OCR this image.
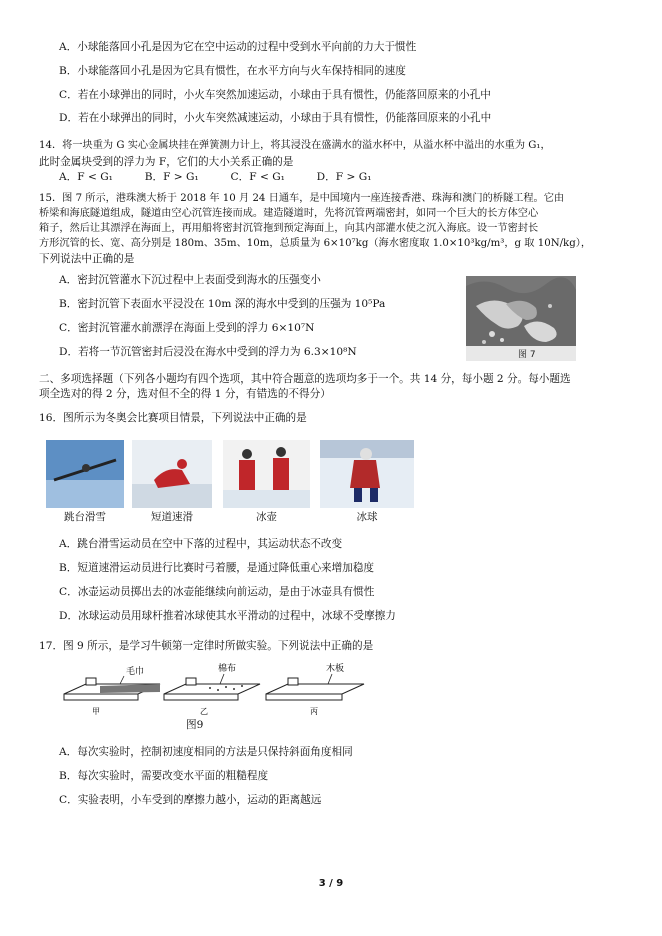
A．小球能落回小孔是因为它在空中运动的过程中受到水平向前的力大于惯性
B．小球能落回小孔是因为它具有惯性，在水平方向与火车保持相同的速度
C．若在小球弹出的同时，小火车突然加速运动，小球由于具有惯性，仍能落回原来的小孔中
D．若在小球弹出的同时，小火车突然减速运动，小球由于具有惯性，仍能落回原来的小孔中
14．将一块重为 G 实心金属块挂在弹簧测力计上，将其浸没在盛满水的溢水杯中，从溢水杯中溢出的水重为 G₁，
此时金属块受到的浮力为 F，它们的大小关系正确的是
A．F < G₁　　　B．F > G₁　　　C．F < G₁　　　D．F > G₁
15．图 7 所示，港珠澳大桥于 2018 年 10 月 24 日通车，是中国境内一座连接香港、珠海和澳门的桥隧工程。它由
桥梁和海底隧道组成，隧道由空心沉管连接而成。建造隧道时，先将沉管两端密封，如同一个巨大的长方体空心
箱子，然后让其漂浮在海面上，再用船将密封沉管拖到预定海面上，向其内部灌水使之沉入海底。设一节密封长
方形沉管的长、宽、高分别是 180m、35m、10m，总质量为 6×10⁷kg（海水密度取 1.0×10³kg/m³，g 取 10N/kg），
下列说法中正确的是
A．密封沉管灌水下沉过程中上表面受到海水的压强变小
B．密封沉管下表面水平浸没在 10m 深的海水中受到的压强为 10⁵Pa
C．密封沉管灌水前漂浮在海面上受到的浮力 6×10⁷N
D．若将一节沉管密封后浸没在海水中受到的浮力为 6.3×10⁸N	图 7
二、多项选择题（下列各小题均有四个选项，其中符合题意的选项均多于一个。共 14 分，每小题 2 分。每小题选
项全选对的得 2 分，选对但不全的得 1 分，有错选的不得分）
16．图所示为冬奥会比赛项目情景，下列说法中正确的是
跳台滑雪	短道速滑	冰壶	冰球
A．跳台滑雪运动员在空中下落的过程中，其运动状态不改变
B．短道速滑运动员进行比赛时弓着腰，是通过降低重心来增加稳度
C．冰壶运动员掷出去的冰壶能继续向前运动，是由于冰壶具有惯性
D．冰球运动员用球杆推着冰球使其水平滑动的过程中，冰球不受摩擦力
17．图 9 所示，是学习牛顿第一定律时所做实验。下列说法中正确的是
毛巾
甲
棉布
乙
木板
丙
图9
A．每次实验时，控制初速度相同的方法是只保持斜面角度相同
B．每次实验时，需要改变水平面的粗糙程度
C．实验表明，小车受到的摩擦力越小，运动的距离越远
3 / 9
